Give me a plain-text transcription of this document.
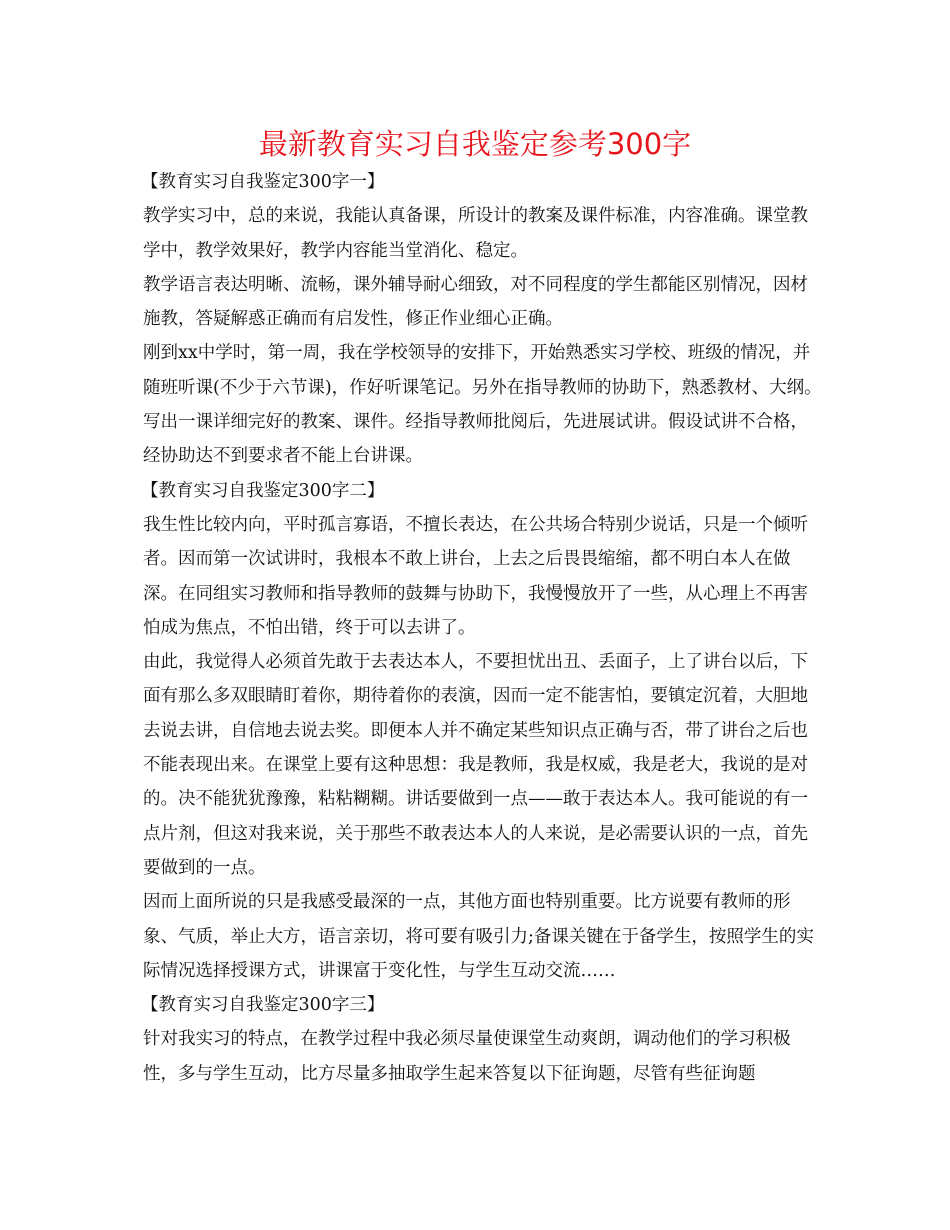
最新教育实习自我鉴定参考300字

【教育实习自我鉴定300字一】

教学实习中，总的来说，我能认真备课，所设计的教案及课件标准，内容准确。课堂教学中，教学效果好，教学内容能当堂消化、稳定。

教学语言表达明晰、流畅，课外辅导耐心细致，对不同程度的学生都能区别情况，因材施教，答疑解惑正确而有启发性，修正作业细心正确。

刚到xx中学时，第一周，我在学校领导的安排下，开始熟悉实习学校、班级的情况，并随班听课(不少于六节课)，作好听课笔记。另外在指导教师的协助下，熟悉教材、大纲。写出一课详细完好的教案、课件。经指导教师批阅后，先进展试讲。假设试讲不合格，经协助达不到要求者不能上台讲课。

【教育实习自我鉴定300字二】

我生性比较内向，平时孤言寡语，不擅长表达，在公共场合特别少说话，只是一个倾听者。因而第一次试讲时，我根本不敢上讲台，上去之后畏畏缩缩，都不明白本人在做深。在同组实习教师和指导教师的鼓舞与协助下，我慢慢放开了一些，从心理上不再害怕成为焦点，不怕出错，终于可以去讲了。

由此，我觉得人必须首先敢于去表达本人，不要担忧出丑、丢面子，上了讲台以后，下面有那么多双眼睛盯着你，期待着你的表演，因而一定不能害怕，要镇定沉着，大胆地去说去讲，自信地去说去奖。即便本人并不确定某些知识点正确与否，带了讲台之后也不能表现出来。在课堂上要有这种思想：我是教师，我是权威，我是老大，我说的是对的。决不能犹犹豫豫，粘粘糊糊。讲话要做到一点——敢于表达本人。我可能说的有一点片剂，但这对我来说，关于那些不敢表达本人的人来说，是必需要认识的一点，首先要做到的一点。

因而上面所说的只是我感受最深的一点，其他方面也特别重要。比方说要有教师的形象、气质，举止大方，语言亲切，将可要有吸引力;备课关键在于备学生，按照学生的实际情况选择授课方式，讲课富于变化性，与学生互动交流……

【教育实习自我鉴定300字三】

针对我实习的特点，在教学过程中我必须尽量使课堂生动爽朗，调动他们的学习积极性，多与学生互动，比方尽量多抽取学生起来答复以下征询题，尽管有些征询题
